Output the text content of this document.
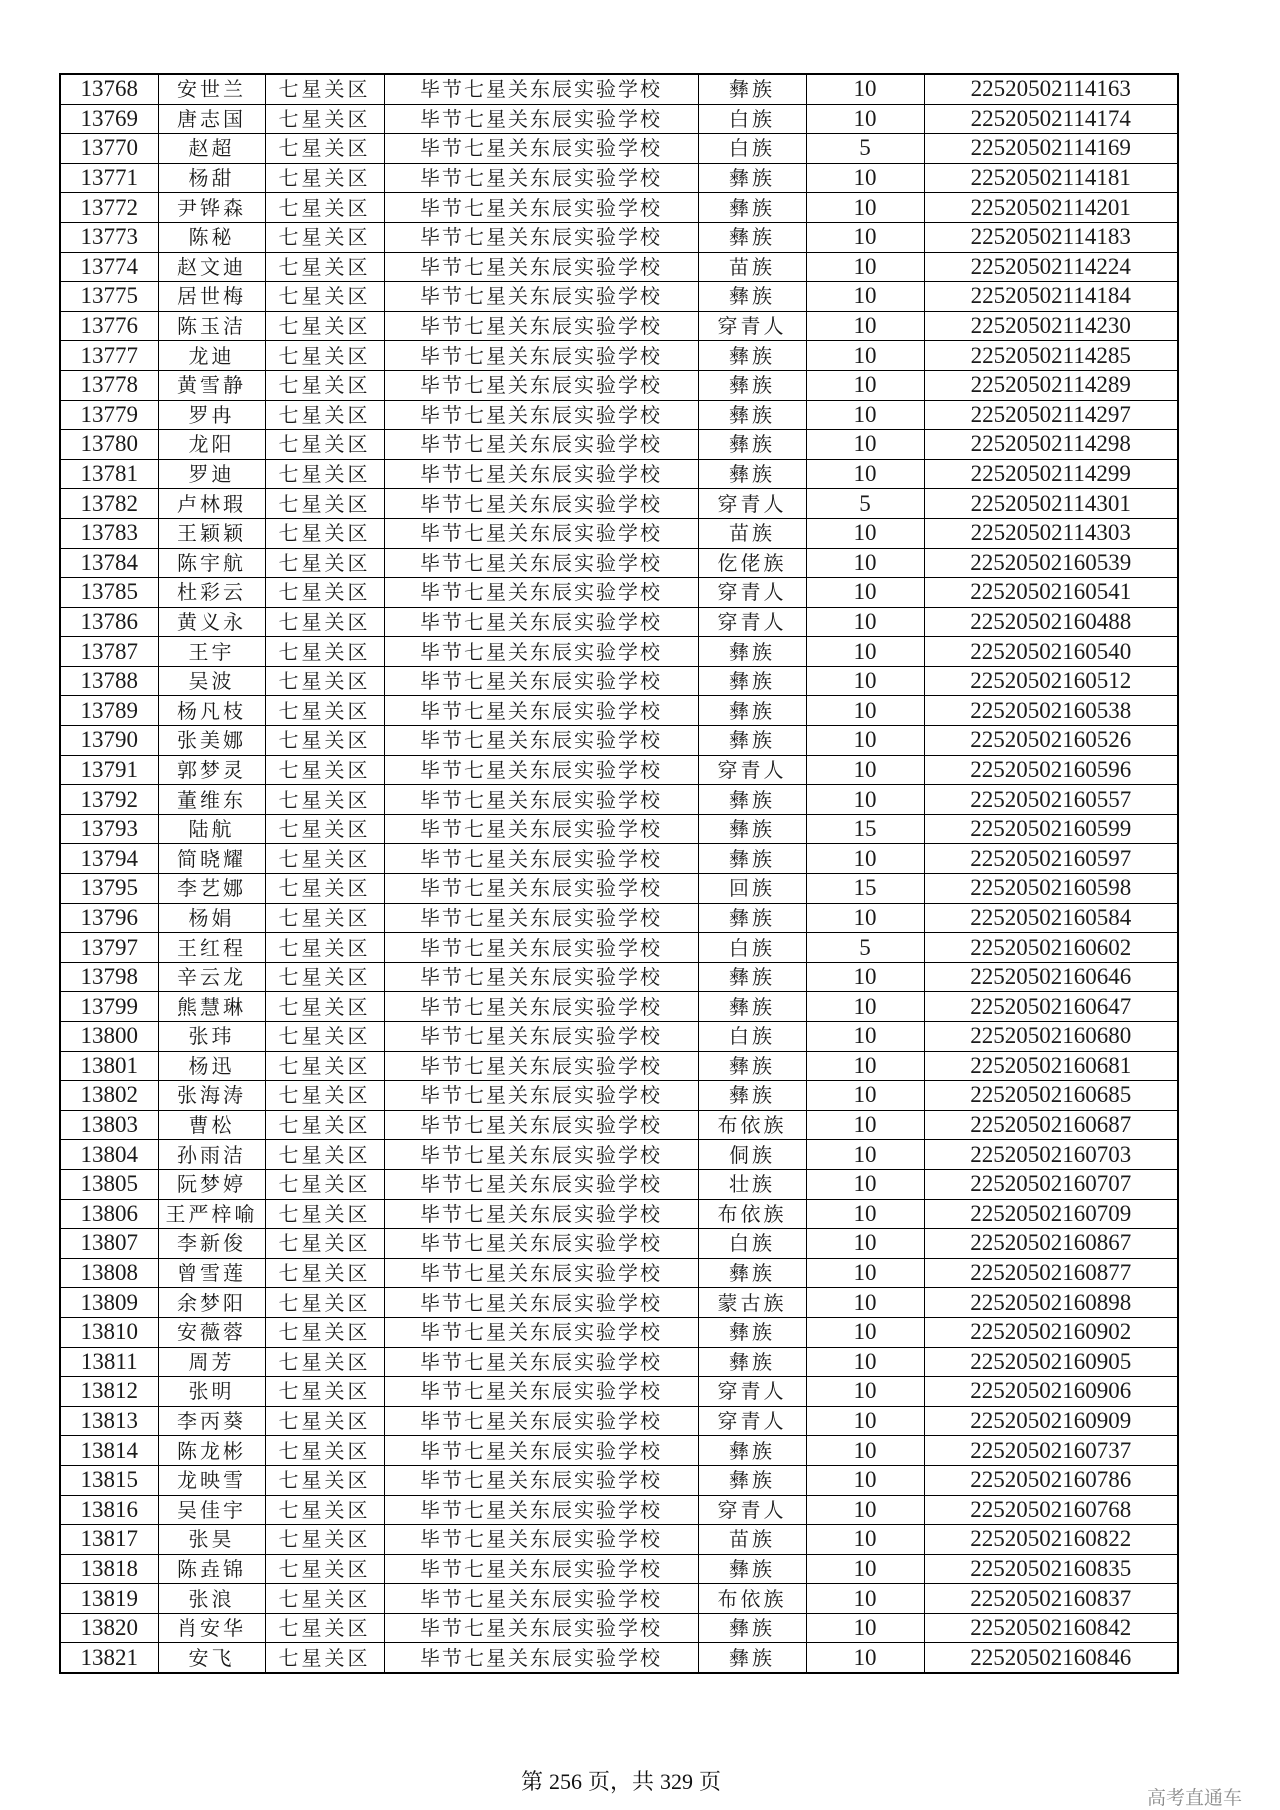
13768	安世兰	七星关区	毕节七星关东辰实验学校	彝族	10	22520502114163
13769	唐志国	七星关区	毕节七星关东辰实验学校	白族	10	22520502114174
13770	赵超	七星关区	毕节七星关东辰实验学校	白族	5	22520502114169
13771	杨甜	七星关区	毕节七星关东辰实验学校	彝族	10	22520502114181
13772	尹铧森	七星关区	毕节七星关东辰实验学校	彝族	10	22520502114201
13773	陈秘	七星关区	毕节七星关东辰实验学校	彝族	10	22520502114183
13774	赵文迪	七星关区	毕节七星关东辰实验学校	苗族	10	22520502114224
13775	居世梅	七星关区	毕节七星关东辰实验学校	彝族	10	22520502114184
13776	陈玉洁	七星关区	毕节七星关东辰实验学校	穿青人	10	22520502114230
13777	龙迪	七星关区	毕节七星关东辰实验学校	彝族	10	22520502114285
13778	黄雪静	七星关区	毕节七星关东辰实验学校	彝族	10	22520502114289
13779	罗冉	七星关区	毕节七星关东辰实验学校	彝族	10	22520502114297
13780	龙阳	七星关区	毕节七星关东辰实验学校	彝族	10	22520502114298
13781	罗迪	七星关区	毕节七星关东辰实验学校	彝族	10	22520502114299
13782	卢林瑕	七星关区	毕节七星关东辰实验学校	穿青人	5	22520502114301
13783	王颖颖	七星关区	毕节七星关东辰实验学校	苗族	10	22520502114303
13784	陈宇航	七星关区	毕节七星关东辰实验学校	仡佬族	10	22520502160539
13785	杜彩云	七星关区	毕节七星关东辰实验学校	穿青人	10	22520502160541
13786	黄义永	七星关区	毕节七星关东辰实验学校	穿青人	10	22520502160488
13787	王宇	七星关区	毕节七星关东辰实验学校	彝族	10	22520502160540
13788	吴波	七星关区	毕节七星关东辰实验学校	彝族	10	22520502160512
13789	杨凡枝	七星关区	毕节七星关东辰实验学校	彝族	10	22520502160538
13790	张美娜	七星关区	毕节七星关东辰实验学校	彝族	10	22520502160526
13791	郭梦灵	七星关区	毕节七星关东辰实验学校	穿青人	10	22520502160596
13792	董维东	七星关区	毕节七星关东辰实验学校	彝族	10	22520502160557
13793	陆航	七星关区	毕节七星关东辰实验学校	彝族	15	22520502160599
13794	简晓耀	七星关区	毕节七星关东辰实验学校	彝族	10	22520502160597
13795	李艺娜	七星关区	毕节七星关东辰实验学校	回族	15	22520502160598
13796	杨娟	七星关区	毕节七星关东辰实验学校	彝族	10	22520502160584
13797	王红程	七星关区	毕节七星关东辰实验学校	白族	5	22520502160602
13798	辛云龙	七星关区	毕节七星关东辰实验学校	彝族	10	22520502160646
13799	熊慧琳	七星关区	毕节七星关东辰实验学校	彝族	10	22520502160647
13800	张玮	七星关区	毕节七星关东辰实验学校	白族	10	22520502160680
13801	杨迅	七星关区	毕节七星关东辰实验学校	彝族	10	22520502160681
13802	张海涛	七星关区	毕节七星关东辰实验学校	彝族	10	22520502160685
13803	曹松	七星关区	毕节七星关东辰实验学校	布依族	10	22520502160687
13804	孙雨洁	七星关区	毕节七星关东辰实验学校	侗族	10	22520502160703
13805	阮梦婷	七星关区	毕节七星关东辰实验学校	壮族	10	22520502160707
13806	王严梓喻	七星关区	毕节七星关东辰实验学校	布依族	10	22520502160709
13807	李新俊	七星关区	毕节七星关东辰实验学校	白族	10	22520502160867
13808	曾雪莲	七星关区	毕节七星关东辰实验学校	彝族	10	22520502160877
13809	余梦阳	七星关区	毕节七星关东辰实验学校	蒙古族	10	22520502160898
13810	安薇蓉	七星关区	毕节七星关东辰实验学校	彝族	10	22520502160902
13811	周芳	七星关区	毕节七星关东辰实验学校	彝族	10	22520502160905
13812	张明	七星关区	毕节七星关东辰实验学校	穿青人	10	22520502160906
13813	李丙葵	七星关区	毕节七星关东辰实验学校	穿青人	10	22520502160909
13814	陈龙彬	七星关区	毕节七星关东辰实验学校	彝族	10	22520502160737
13815	龙映雪	七星关区	毕节七星关东辰实验学校	彝族	10	22520502160786
13816	吴佳宇	七星关区	毕节七星关东辰实验学校	穿青人	10	22520502160768
13817	张昊	七星关区	毕节七星关东辰实验学校	苗族	10	22520502160822
13818	陈垚锦	七星关区	毕节七星关东辰实验学校	彝族	10	22520502160835
13819	张浪	七星关区	毕节七星关东辰实验学校	布依族	10	22520502160837
13820	肖安华	七星关区	毕节七星关东辰实验学校	彝族	10	22520502160842
13821	安飞	七星关区	毕节七星关东辰实验学校	彝族	10	22520502160846
第 256 页，共 329 页
高考直通车
